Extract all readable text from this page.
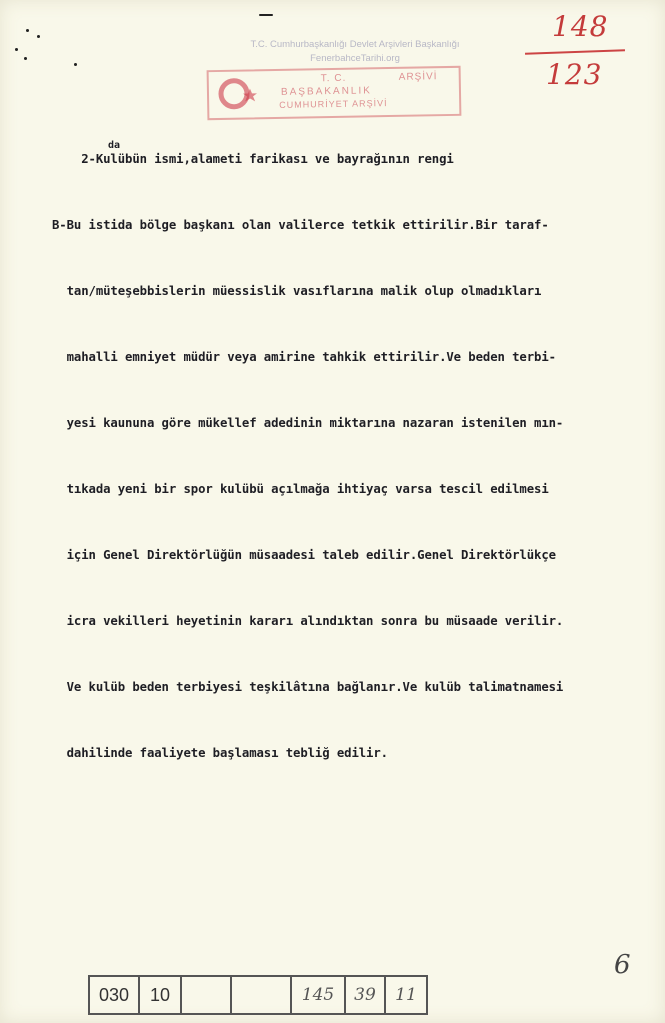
T.C. Cumhurbaşkanlığı Devlet Arşivleri Başkanlığı
FenerbahceTarihi.org
T. C.	ARŞİVİ
BAŞBAKANLIK
CUMHURİYET ARŞİVİ
148
123

2-Kulübün ismi,alameti farikası ve bayrağının rengi

B-Bu istida bölge başkanı olan valilerce tetkik ettirilir.Bir taraf-

tan/müteşebbislerin müessislik vasıflarına malik olup olmadıkları

mahalli emniyet müdür veya amirine tahkik ettirilir.Ve beden terbi-

yesi kaununa göre mükellef adedinin miktarına nazaran istenilen mın-

tıkada yeni bir spor kulübü açılmağa ihtiyaç varsa tescil edilmesi

için Genel Direktörlüğün müsaadesi taleb edilir.Genel Direktörlükçe

icra vekilleri heyetinin kararı alındıktan sonra bu müsaade verilir.

Ve kulüb beden terbiyesi teşkilâtına bağlanır.Ve kulüb talimatnamesi

dahilinde faaliyete başlaması tebliğ edilir.

da
6
030	10	145	39	11
